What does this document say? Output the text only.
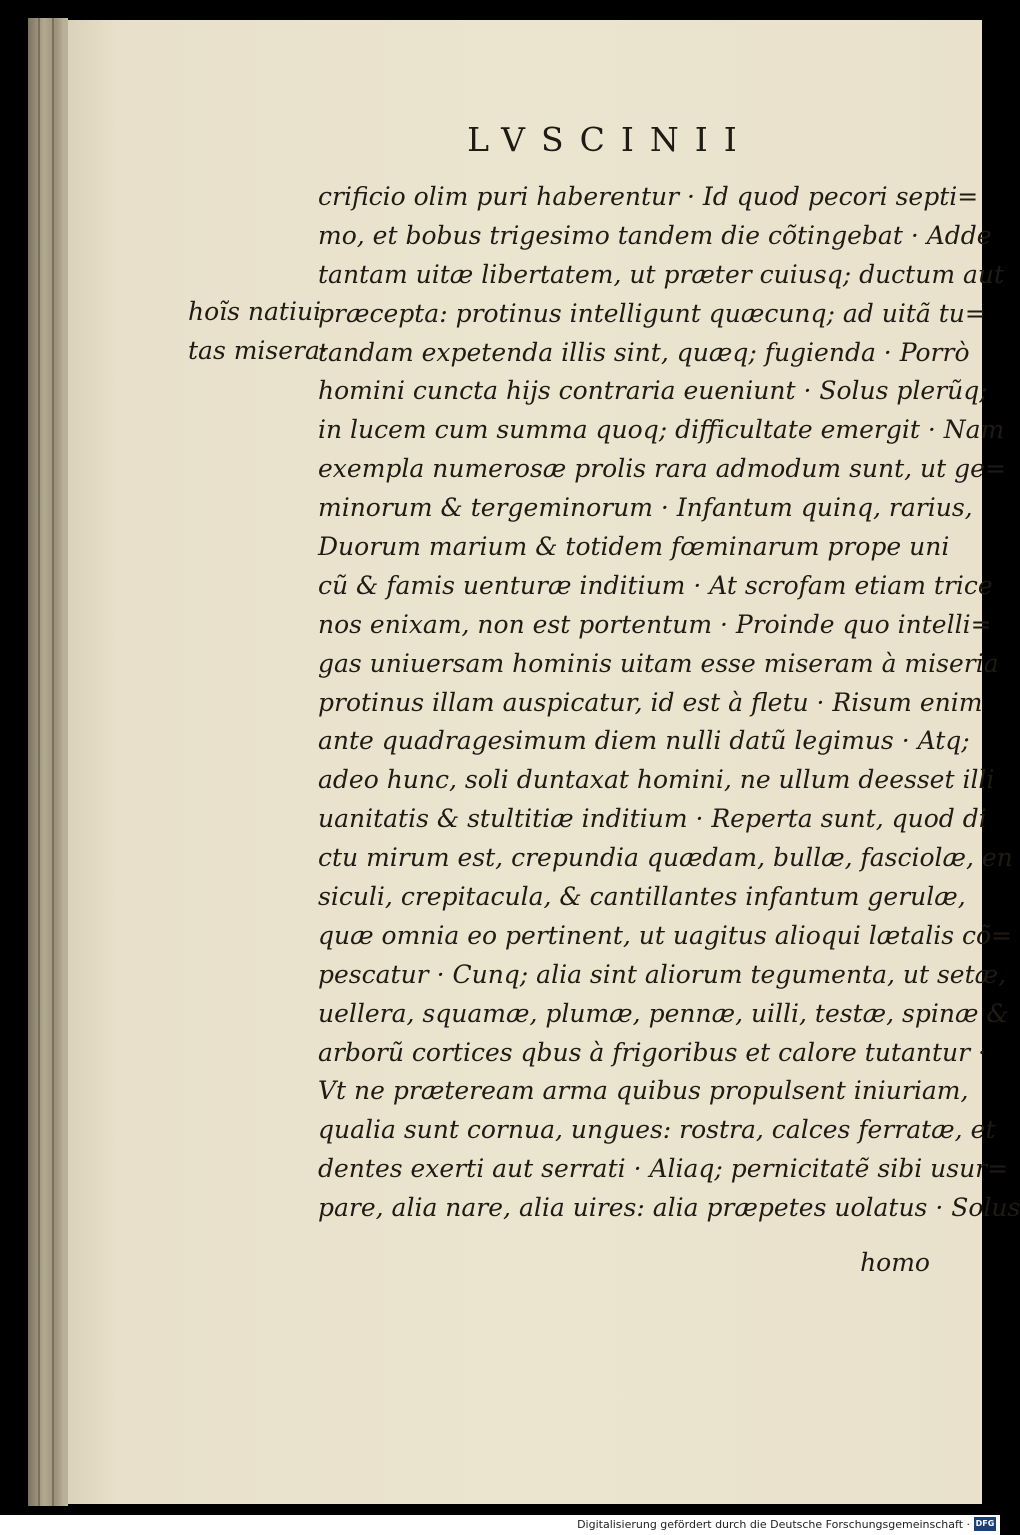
LVSCINII
hoĩs natiui
tas misera·
crificio olim puri haberentur · Id quod pecori septi=
mo, et bobus trigesimo tandem die cõtingebat · Adde
tantam uitæ libertatem, ut præter cuiusq; ductum aut
præcepta: protinus intelligunt quæcunq; ad uitã tu=
tandam expetenda illis sint, quæq; fugienda · Porrò
homini cuncta hijs contraria eueniunt · Solus plerũq;
in lucem cum summa quoq; difficultate emergit · Nam
exempla numerosæ prolis rara admodum sunt, ut ge=
minorum & tergeminorum · Infantum quinq, rarius,
Duorum marium & totidem fœminarum prope uni
cũ & famis uenturæ inditium · At scrofam etiam trice
nos enixam, non est portentum · Proinde quo intelli=
gas uniuersam hominis uitam esse miseram à miseria
protinus illam auspicatur, id est à fletu · Risum enim
ante quadragesimum diem nulli datũ legimus · Atq;
adeo hunc, soli duntaxat homini, ne ullum deesset illi
uanitatis & stultitiæ inditium · Reperta sunt, quod di
ctu mirum est, crepundia quædam, bullæ, fasciolæ, en
siculi, crepitacula, & cantillantes infantum gerulæ,
quæ omnia eo pertinent, ut uagitus alioqui lætalis cõ=
pescatur · Cunq; alia sint aliorum tegumenta, ut setæ,
uellera, squamæ, plumæ, pennæ, uilli, testæ, spinæ &
arborũ cortices qbus à frigoribus et calore tutantur ·
Vt ne præteream arma quibus propulsent iniuriam,
qualia sunt cornua, ungues: rostra, calces ferratæ, et
dentes exerti aut serrati · Aliaq; pernicitatẽ sibi usur=
pare, alia nare, alia uires: alia præpetes uolatus · Solus
homo
Digitalisierung gefördert durch die Deutsche Forschungsgemeinschaft · DFG
